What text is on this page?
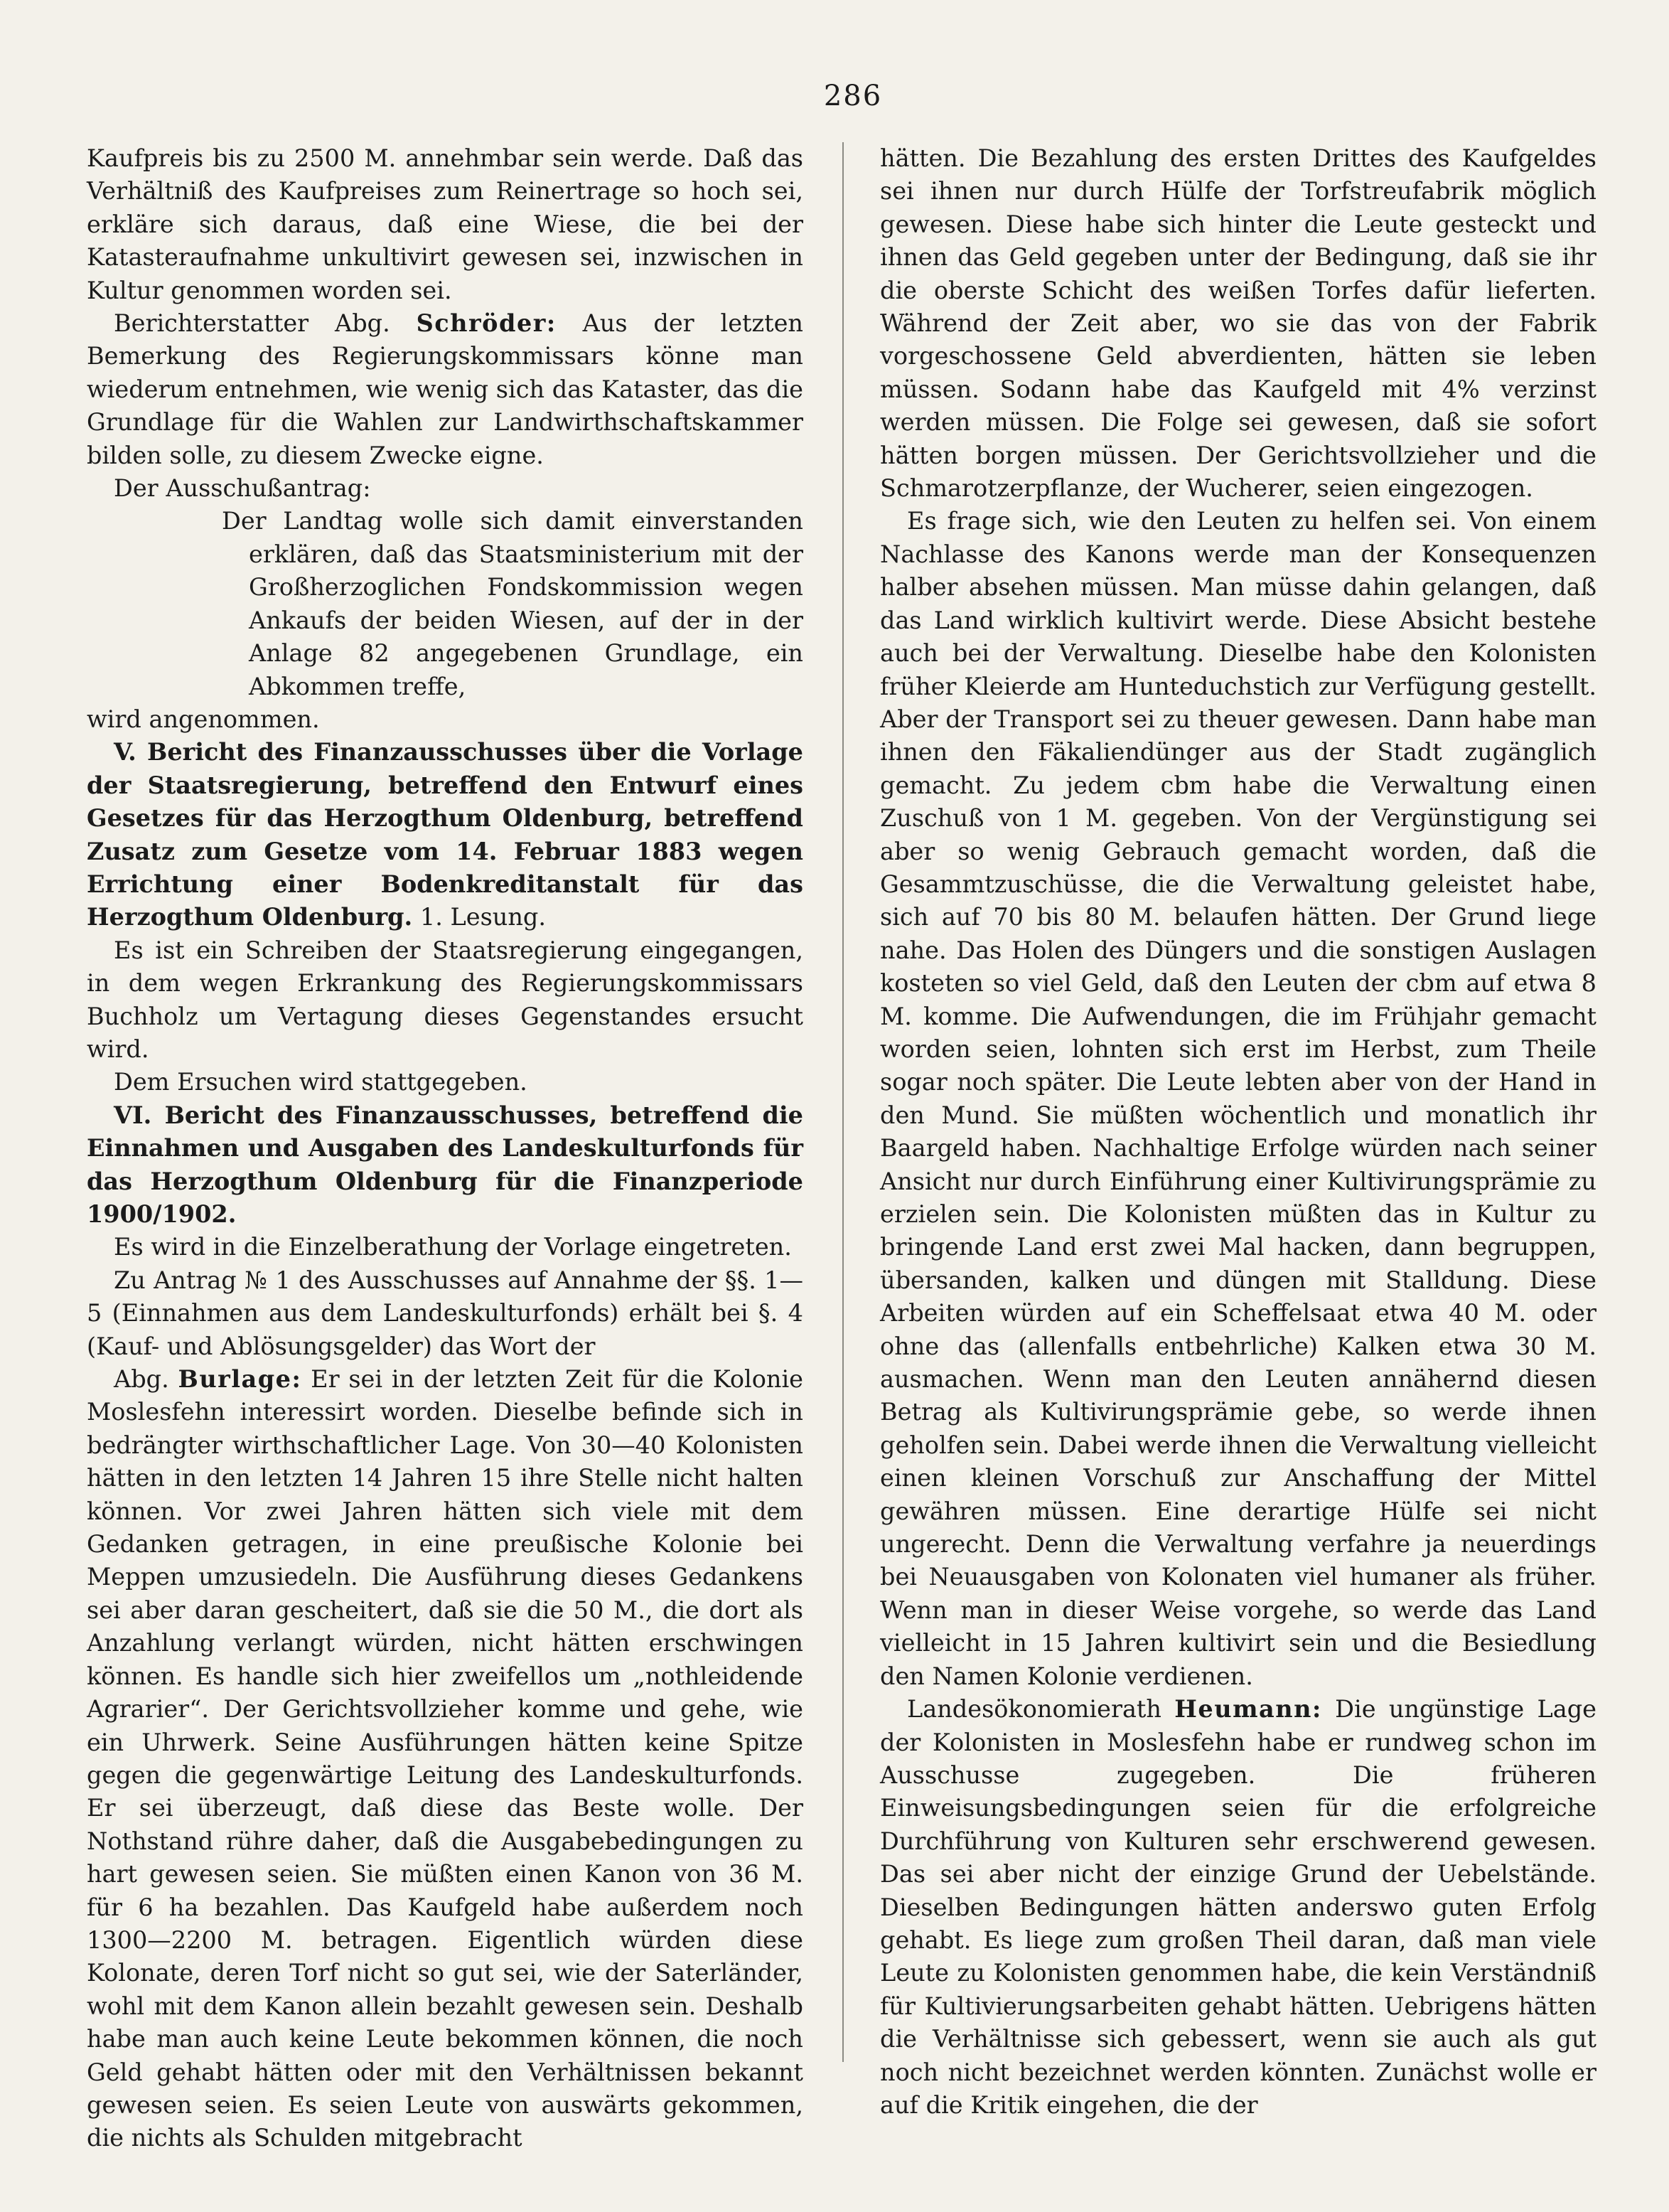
286

Kaufpreis bis zu 2500 M. annehmbar sein werde. Daß das Verhältniß des Kaufpreises zum Reinertrage so hoch sei, erkläre sich daraus, daß eine Wiese, die bei der Katasteraufnahme unkultivirt gewesen sei, inzwischen in Kultur genommen worden sei.

Berichterstatter Abg. Schröder: Aus der letzten Bemerkung des Regierungskommissars könne man wiederum entnehmen, wie wenig sich das Kataster, das die Grundlage für die Wahlen zur Landwirthschaftskammer bilden solle, zu diesem Zwecke eigne.

Der Ausschußantrag:

Der Landtag wolle sich damit einverstanden erklären, daß das Staatsministerium mit der Großherzoglichen Fondskommission wegen Ankaufs der beiden Wiesen, auf der in der Anlage 82 angegebenen Grundlage, ein Abkommen treffe,

wird angenommen.

V. Bericht des Finanzausschusses über die Vorlage der Staatsregierung, betreffend den Entwurf eines Gesetzes für das Herzogthum Oldenburg, betreffend Zusatz zum Gesetze vom 14. Februar 1883 wegen Errichtung einer Bodenkreditanstalt für das Herzogthum Oldenburg. 1. Lesung.

Es ist ein Schreiben der Staatsregierung eingegangen, in dem wegen Erkrankung des Regierungskommissars Buchholz um Vertagung dieses Gegenstandes ersucht wird.

Dem Ersuchen wird stattgegeben.

VI. Bericht des Finanzausschusses, betreffend die Einnahmen und Ausgaben des Landeskulturfonds für das Herzogthum Oldenburg für die Finanzperiode 1900/1902.

Es wird in die Einzelberathung der Vorlage eingetreten.

Zu Antrag № 1 des Ausschusses auf Annahme der §§. 1—5 (Einnahmen aus dem Landeskulturfonds) erhält bei §. 4 (Kauf- und Ablösungsgelder) das Wort der

Abg. Burlage: Er sei in der letzten Zeit für die Kolonie Moslesfehn interessirt worden. Dieselbe befinde sich in bedrängter wirthschaftlicher Lage. Von 30—40 Kolonisten hätten in den letzten 14 Jahren 15 ihre Stelle nicht halten können. Vor zwei Jahren hätten sich viele mit dem Gedanken getragen, in eine preußische Kolonie bei Meppen umzusiedeln. Die Ausführung dieses Gedankens sei aber daran gescheitert, daß sie die 50 M., die dort als Anzahlung verlangt würden, nicht hätten erschwingen können. Es handle sich hier zweifellos um „nothleidende Agrarier“. Der Gerichtsvollzieher komme und gehe, wie ein Uhrwerk. Seine Ausführungen hätten keine Spitze gegen die gegenwärtige Leitung des Landeskulturfonds. Er sei überzeugt, daß diese das Beste wolle. Der Nothstand rühre daher, daß die Ausgabebedingungen zu hart gewesen seien. Sie müßten einen Kanon von 36 M. für 6 ha bezahlen. Das Kaufgeld habe außerdem noch 1300—2200 M. betragen. Eigentlich würden diese Kolonate, deren Torf nicht so gut sei, wie der Saterländer, wohl mit dem Kanon allein bezahlt gewesen sein. Deshalb habe man auch keine Leute bekommen können, die noch Geld gehabt hätten oder mit den Verhältnissen bekannt gewesen seien. Es seien Leute von auswärts gekommen, die nichts als Schulden mitgebracht

hätten. Die Bezahlung des ersten Drittes des Kaufgeldes sei ihnen nur durch Hülfe der Torfstreufabrik möglich gewesen. Diese habe sich hinter die Leute gesteckt und ihnen das Geld gegeben unter der Bedingung, daß sie ihr die oberste Schicht des weißen Torfes dafür lieferten. Während der Zeit aber, wo sie das von der Fabrik vorgeschossene Geld abverdienten, hätten sie leben müssen. Sodann habe das Kaufgeld mit 4% verzinst werden müssen. Die Folge sei gewesen, daß sie sofort hätten borgen müssen. Der Gerichtsvollzieher und die Schmarotzerpflanze, der Wucherer, seien eingezogen.

Es frage sich, wie den Leuten zu helfen sei. Von einem Nachlasse des Kanons werde man der Konsequenzen halber absehen müssen. Man müsse dahin gelangen, daß das Land wirklich kultivirt werde. Diese Absicht bestehe auch bei der Verwaltung. Dieselbe habe den Kolonisten früher Kleierde am Hunteduchstich zur Verfügung gestellt. Aber der Transport sei zu theuer gewesen. Dann habe man ihnen den Fäkaliendünger aus der Stadt zugänglich gemacht. Zu jedem cbm habe die Verwaltung einen Zuschuß von 1 M. gegeben. Von der Vergünstigung sei aber so wenig Gebrauch gemacht worden, daß die Gesammtzuschüsse, die die Verwaltung geleistet habe, sich auf 70 bis 80 M. belaufen hätten. Der Grund liege nahe. Das Holen des Düngers und die sonstigen Auslagen kosteten so viel Geld, daß den Leuten der cbm auf etwa 8 M. komme. Die Aufwendungen, die im Frühjahr gemacht worden seien, lohnten sich erst im Herbst, zum Theile sogar noch später. Die Leute lebten aber von der Hand in den Mund. Sie müßten wöchentlich und monatlich ihr Baargeld haben. Nachhaltige Erfolge würden nach seiner Ansicht nur durch Einführung einer Kultivirungsprämie zu erzielen sein. Die Kolonisten müßten das in Kultur zu bringende Land erst zwei Mal hacken, dann begruppen, übersanden, kalken und düngen mit Stalldung. Diese Arbeiten würden auf ein Scheffelsaat etwa 40 M. oder ohne das (allenfalls entbehrliche) Kalken etwa 30 M. ausmachen. Wenn man den Leuten annähernd diesen Betrag als Kultivirungsprämie gebe, so werde ihnen geholfen sein. Dabei werde ihnen die Verwaltung vielleicht einen kleinen Vorschuß zur Anschaffung der Mittel gewähren müssen. Eine derartige Hülfe sei nicht ungerecht. Denn die Verwaltung verfahre ja neuerdings bei Neuausgaben von Kolonaten viel humaner als früher. Wenn man in dieser Weise vorgehe, so werde das Land vielleicht in 15 Jahren kultivirt sein und die Besiedlung den Namen Kolonie verdienen.

Landesökonomierath Heumann: Die ungünstige Lage der Kolonisten in Moslesfehn habe er rundweg schon im Ausschusse zugegeben. Die früheren Einweisungsbedingungen seien für die erfolgreiche Durchführung von Kulturen sehr erschwerend gewesen. Das sei aber nicht der einzige Grund der Uebelstände. Dieselben Bedingungen hätten anderswo guten Erfolg gehabt. Es liege zum großen Theil daran, daß man viele Leute zu Kolonisten genommen habe, die kein Verständniß für Kultivierungsarbeiten gehabt hätten. Uebrigens hätten die Verhältnisse sich gebessert, wenn sie auch als gut noch nicht bezeichnet werden könnten. Zunächst wolle er auf die Kritik eingehen, die der
